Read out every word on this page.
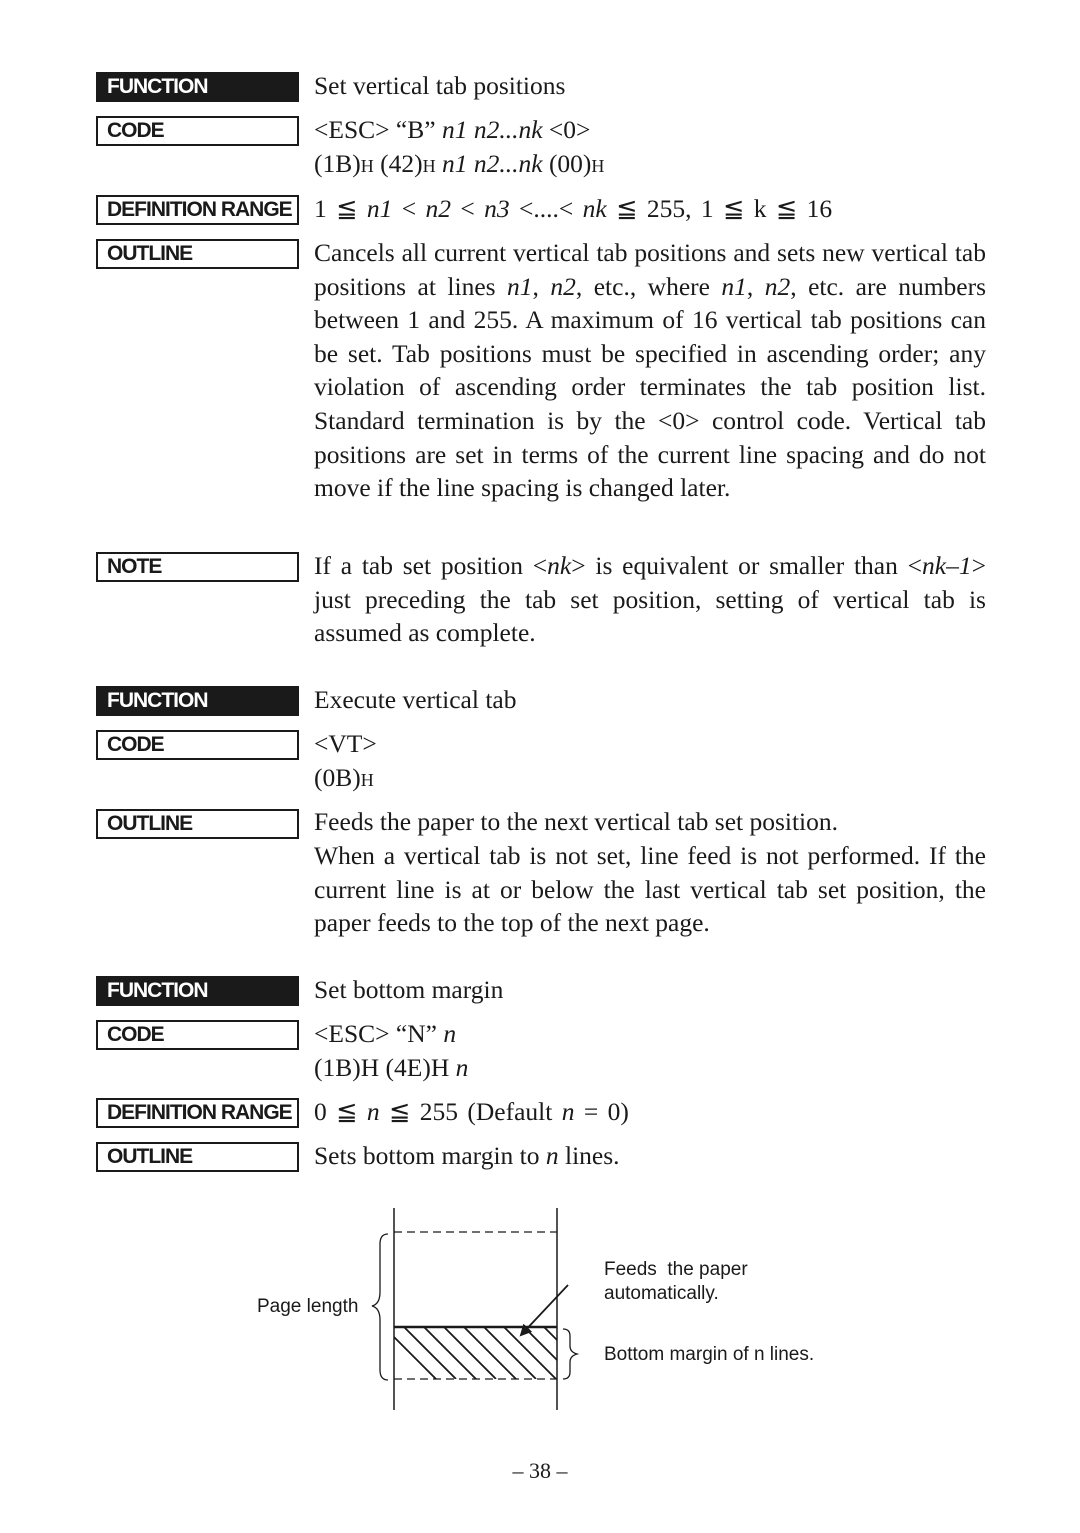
FUNCTION	Set vertical tab positions
CODE	<ESC> “B” n1 n2...nk <0>
(1B)H (42)H n1 n2...nk (00)H
DEFINITION RANGE 1 ≦ n1 < n2 < n3 <....< nk ≦ 255, 1 ≦ k ≦ 16
OUTLINE	Cancels all current vertical tab positions and sets new vertical tab positions at lines n1, n2, etc., where n1, n2, etc. are numbers between 1 and 255. A maximum of 16 vertical tab positions can be set. Tab positions must be specified in ascending order; any violation of ascending order terminates the tab position list. Standard termination is by the <0> control code. Vertical tab positions are set in terms of the current line spacing and do not move if the line spacing is changed later.
NOTE	If a tab set position <nk> is equivalent or smaller than <nk–1> just preceding the tab set position, setting of vertical tab is assumed as complete.
FUNCTION	Execute vertical tab
CODE	<VT>
(0B)H
OUTLINE	Feeds the paper to the next vertical tab set position.
When a vertical tab is not set, line feed is not performed. If the current line is at or below the last vertical tab set position, the paper feeds to the top of the next page.
FUNCTION	Set bottom margin
CODE	<ESC> “N” n
(1B)H (4E)H n
DEFINITION RANGE 0 ≦ n ≦ 255 (Default n = 0)
OUTLINE	Sets bottom margin to n lines.
Page length
Feeds  the paper
automatically.
Bottom margin of n lines.
– 38 –
